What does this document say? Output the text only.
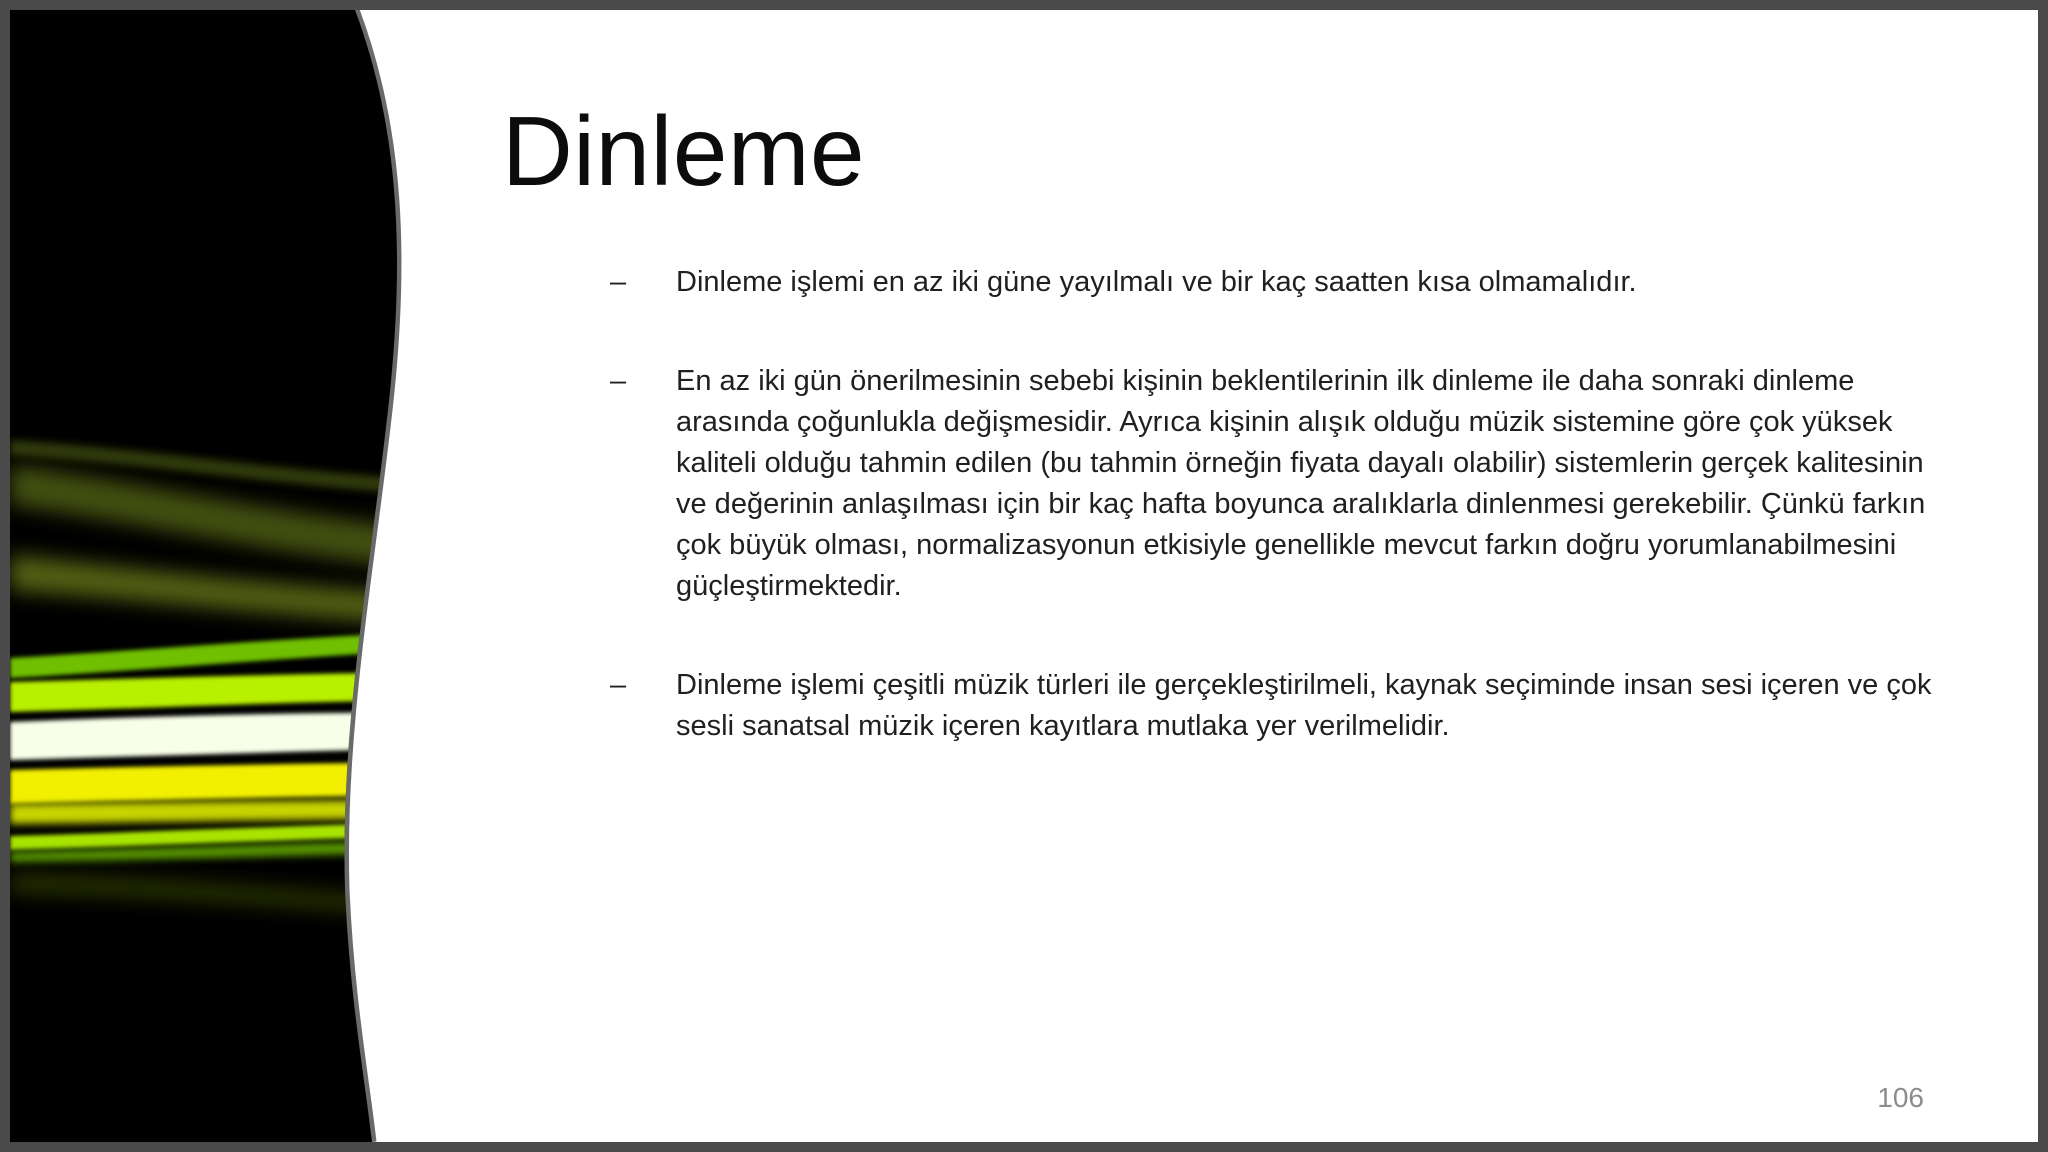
Dinleme
– Dinleme işlemi en az iki güne yayılmalı ve bir kaç saatten kısa olmamalıdır.
– En az iki gün önerilmesinin sebebi kişinin beklentilerinin ilk dinleme ile daha sonraki dinleme arasında çoğunlukla değişmesidir. Ayrıca kişinin alışık olduğu müzik sistemine göre çok yüksek kaliteli olduğu tahmin edilen (bu tahmin örneğin fiyata dayalı olabilir) sistemlerin gerçek kalitesinin ve değerinin anlaşılması için bir kaç hafta boyunca aralıklarla dinlenmesi gerekebilir. Çünkü farkın çok büyük olması, normalizasyonun etkisiyle genellikle mevcut farkın doğru yorumlanabilmesini güçleştirmektedir.
– Dinleme işlemi çeşitli müzik türleri ile gerçekleştirilmeli, kaynak seçiminde insan sesi içeren ve çok sesli sanatsal müzik içeren kayıtlara mutlaka yer verilmelidir.
106
